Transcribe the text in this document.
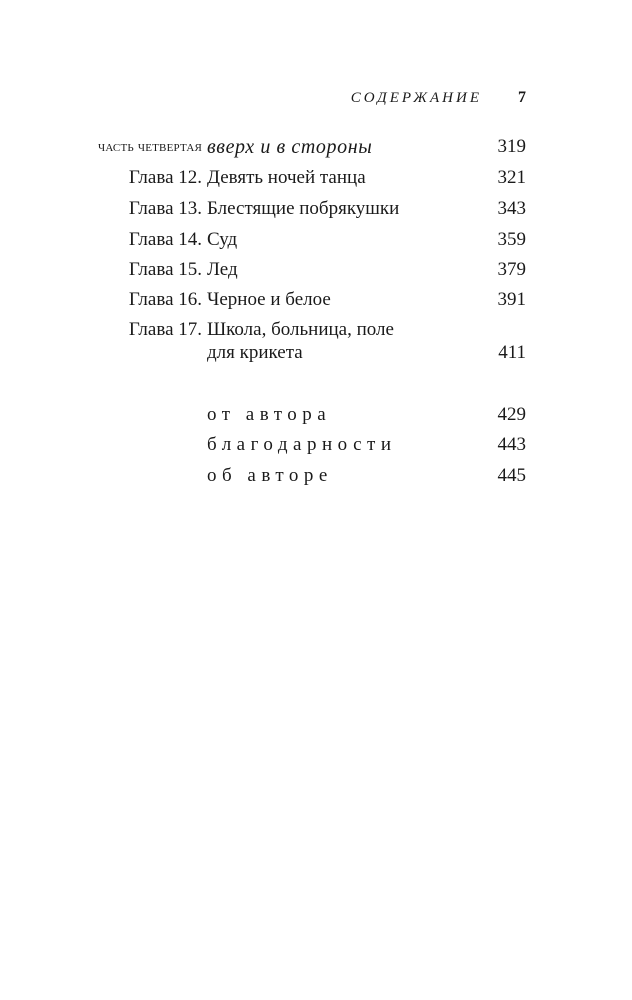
СОДЕРЖАНИЕ 7
часть четвертая вверх и в стороны	319
Глава 12. Девять ночей танца	321
Глава 13. Блестящие побрякушки	343
Глава 14. Суд	359
Глава 15. Лед	379
Глава 16. Черное и белое	391
Глава 17. Школа, больница, поле
для крикета	411
от автора	429
благодарности	443
об авторе	445
